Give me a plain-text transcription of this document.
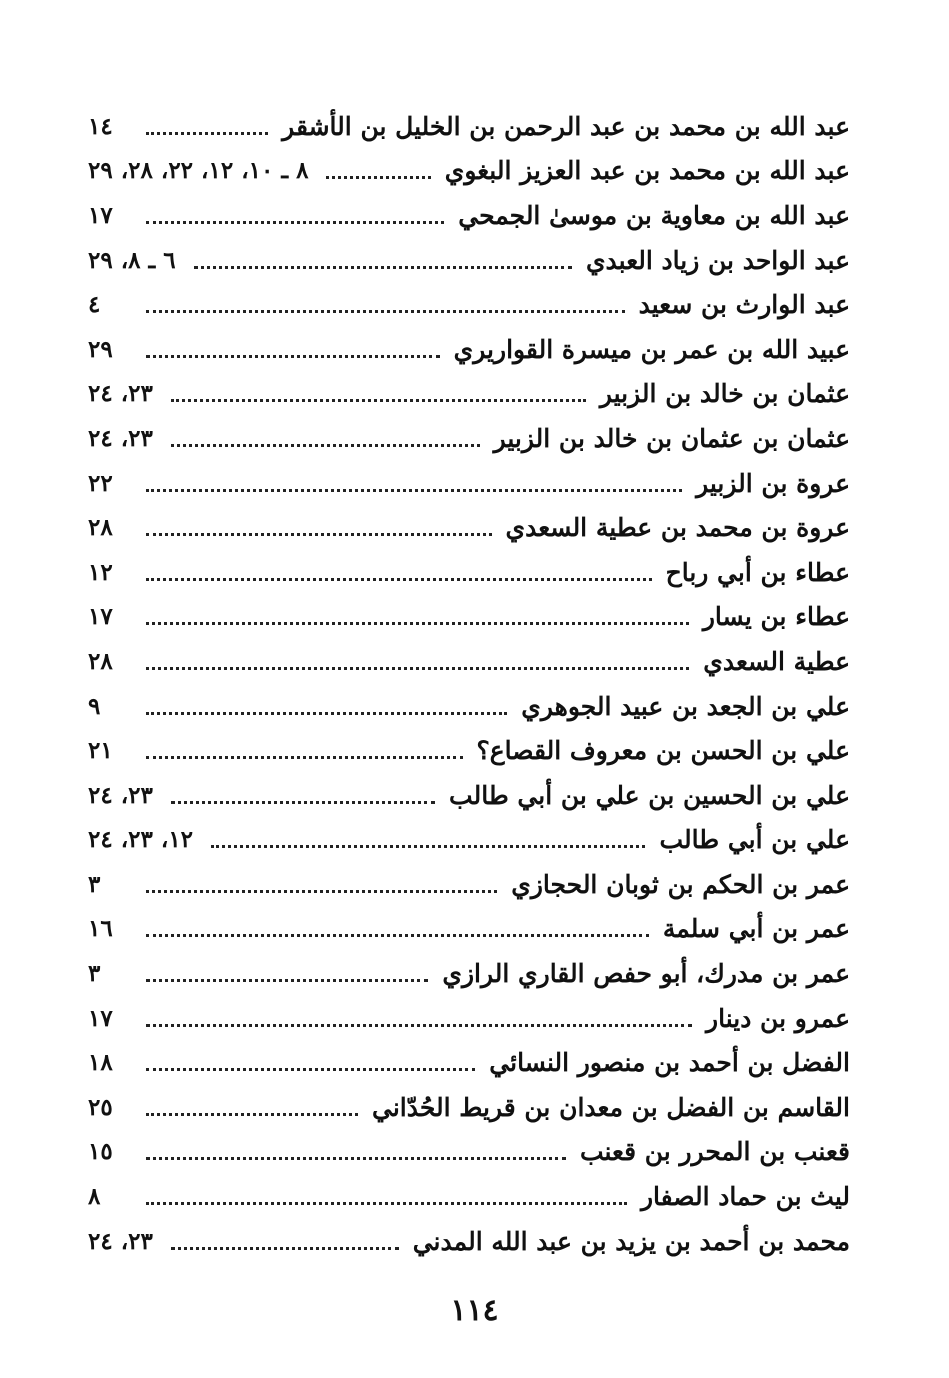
عبد الله بن محمد بن عبد الرحمن بن الخليل بن الأشقر
١٤
عبد الله بن محمد بن عبد العزيز البغوي
٨ ـ ١٠، ١٢، ٢٢، ٢٨، ٢٩
عبد الله بن معاوية بن موسىٰ الجمحي
١٧
عبد الواحد بن زياد العبدي
٦ ـ ٨، ٢٩
عبد الوارث بن سعيد
٤
عبيد الله بن عمر بن ميسرة القواريري
٢٩
عثمان بن خالد بن الزبير
٢٣، ٢٤
عثمان بن عثمان بن خالد بن الزبير
٢٣، ٢٤
عروة بن الزبير
٢٢
عروة بن محمد بن عطية السعدي
٢٨
عطاء بن أبي رباح
١٢
عطاء بن يسار
١٧
عطية السعدي
٢٨
علي بن الجعد بن عبيد الجوهري
٩
علي بن الحسن بن معروف القصاع؟
٢١
علي بن الحسين بن علي بن أبي طالب
٢٣، ٢٤
علي بن أبي طالب
١٢، ٢٣، ٢٤
عمر بن الحكم بن ثوبان الحجازي
٣
عمر بن أبي سلمة
١٦
عمر بن مدرك، أبو حفص القاري الرازي
٣
عمرو بن دينار
١٧
الفضل بن أحمد بن منصور النسائي
١٨
القاسم بن الفضل بن معدان بن قريط الحُدّاني
٢٥
قعنب بن المحرر بن قعنب
١٥
ليث بن حماد الصفار
٨
محمد بن أحمد بن يزيد بن عبد الله المدني
٢٣، ٢٤
١١٤
